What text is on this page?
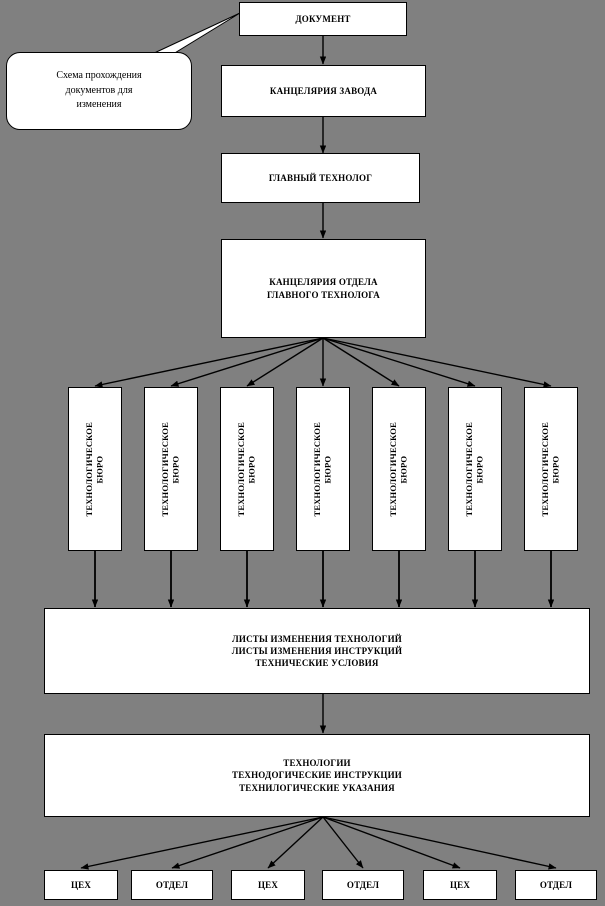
Схема прохождения
документов для
изменения
ДОКУМЕНТ
КАНЦЕЛЯРИЯ ЗАВОДА
ГЛАВНЫЙ ТЕХНОЛОГ
КАНЦЕЛЯРИЯ ОТДЕЛА
ГЛАВНОГО ТЕХНОЛОГА
ТЕХНОЛОГИЧЕСКОЕ
БЮРО	ТЕХНОЛОГИЧЕСКОЕ
БЮРО	ТЕХНОЛОГИЧЕСКОЕ
БЮРО	ТЕХНОЛОГИЧЕСКОЕ
БЮРО	ТЕХНОЛОГИЧЕСКОЕ
БЮРО	ТЕХНОЛОГИЧЕСКОЕ
БЮРО	ТЕХНОЛОГИЧЕСКОЕ
БЮРО
ЛИСТЫ ИЗМЕНЕНИЯ ТЕХНОЛОГИЙ
ЛИСТЫ ИЗМЕНЕНИЯ ИНСТРУКЦИЙ
ТЕХНИЧЕСКИЕ УСЛОВИЯ
ТЕХНОЛОГИИ
ТЕХНОДОГИЧЕСКИЕ ИНСТРУКЦИИ
ТЕХНИЛОГИЧЕСКИЕ УКАЗАНИЯ
ЦЕХ	ОТДЕЛ	ЦЕХ	ОТДЕЛ	ЦЕХ	ОТДЕЛ
